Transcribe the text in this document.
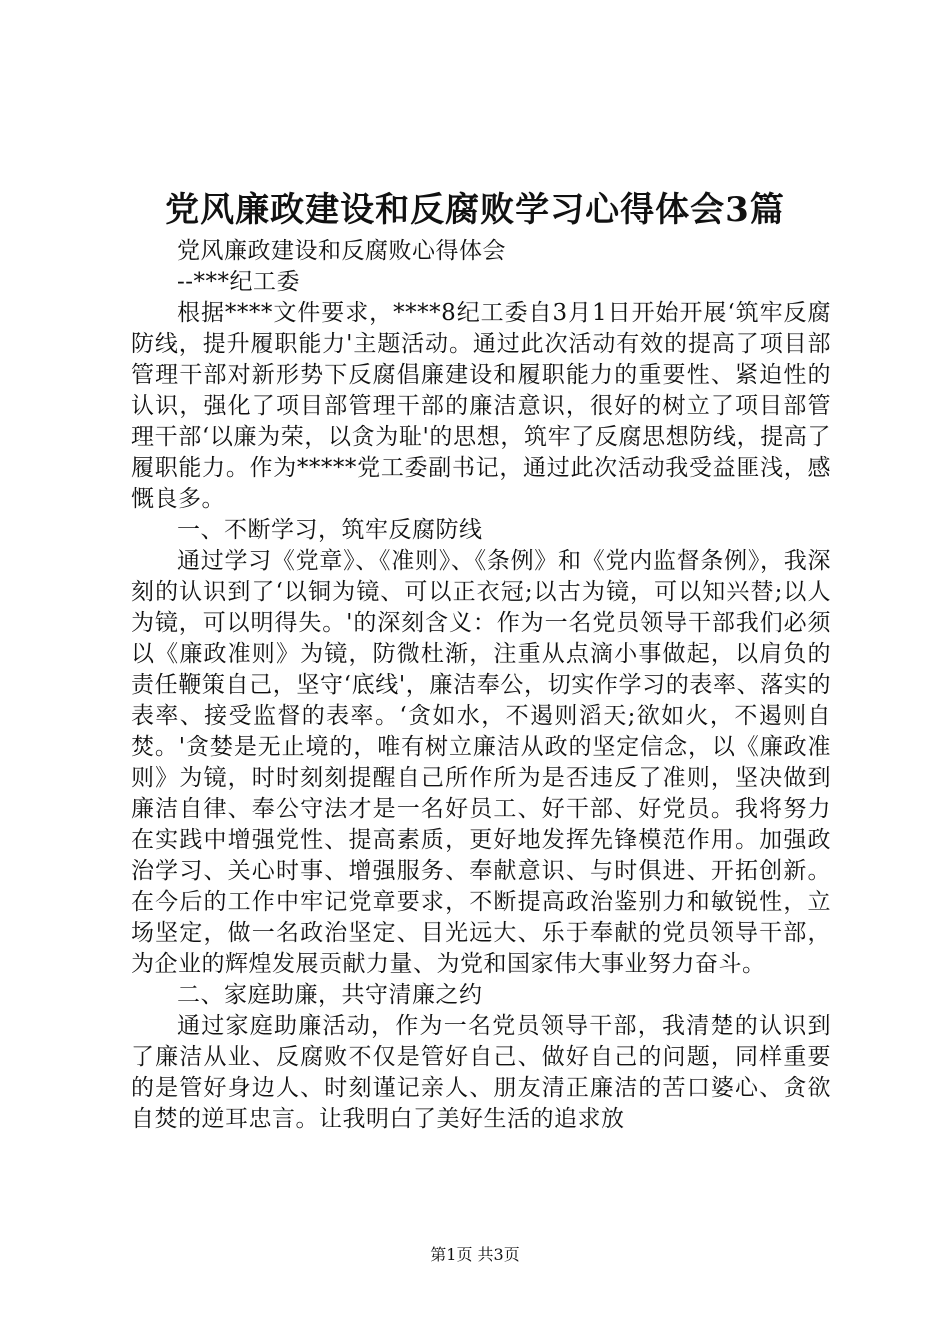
党风廉政建设和反腐败学习心得体会3篇

党风廉政建设和反腐败心得体会

--***纪工委

根据****文件要求，****8纪工委自3月1日开始开展‘筑牢反腐防线，提升履职能力'主题活动。通过此次活动有效的提高了项目部管理干部对新形势下反腐倡廉建设和履职能力的重要性、紧迫性的认识，强化了项目部管理干部的廉洁意识，很好的树立了项目部管理干部‘以廉为荣，以贪为耻'的思想，筑牢了反腐思想防线，提高了履职能力。作为*****党工委副书记，通过此次活动我受益匪浅，感慨良多。

一、不断学习，筑牢反腐防线

通过学习《党章》、《准则》、《条例》和《党内监督条例》，我深刻的认识到了‘以铜为镜、可以正衣冠;以古为镜，可以知兴替;以人为镜，可以明得失。'的深刻含义：作为一名党员领导干部我们必须以《廉政准则》为镜，防微杜渐，注重从点滴小事做起，以肩负的责任鞭策自己，坚守‘底线'，廉洁奉公，切实作学习的表率、落实的表率、接受监督的表率。‘贪如水，不遏则滔天;欲如火，不遏则自焚。'贪婪是无止境的，唯有树立廉洁从政的坚定信念，以《廉政准则》为镜，时时刻刻提醒自己所作所为是否违反了准则，坚决做到廉洁自律、奉公守法才是一名好员工、好干部、好党员。我将努力在实践中增强党性、提高素质，更好地发挥先锋模范作用。加强政治学习、关心时事、增强服务、奉献意识、与时俱进、开拓创新。在今后的工作中牢记党章要求，不断提高政治鉴别力和敏锐性，立场坚定，做一名政治坚定、目光远大、乐于奉献的党员领导干部，为企业的辉煌发展贡献力量、为党和国家伟大事业努力奋斗。

二、家庭助廉，共守清廉之约

通过家庭助廉活动，作为一名党员领导干部，我清楚的认识到了廉洁从业、反腐败不仅是管好自己、做好自己的问题，同样重要的是管好身边人、时刻谨记亲人、朋友清正廉洁的苦口婆心、贪欲自焚的逆耳忠言。让我明白了美好生活的追求放

第1页 共3页
